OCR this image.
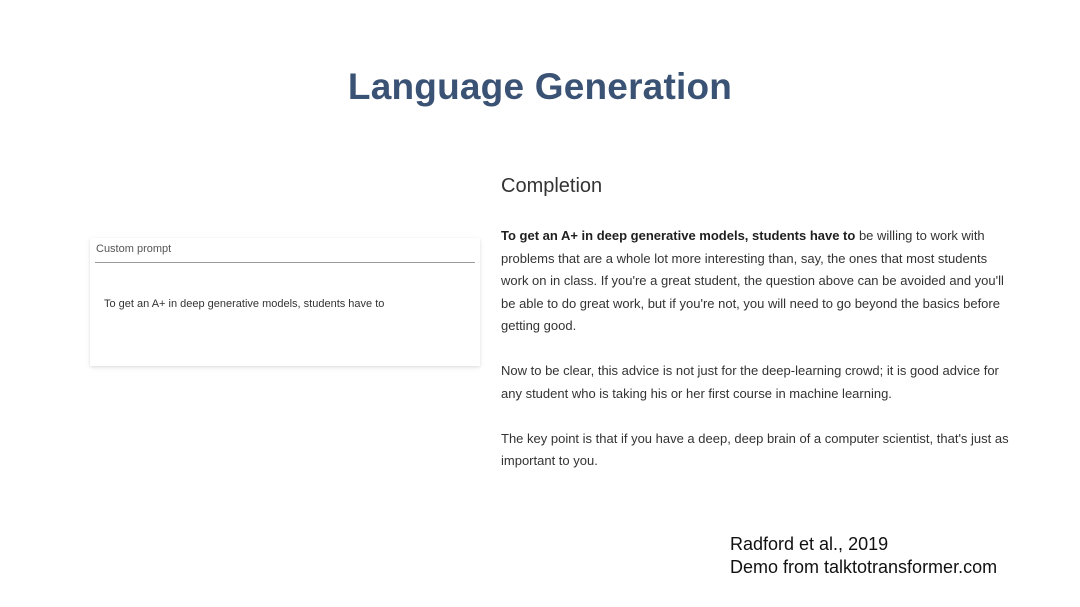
Language Generation
Custom prompt
To get an A+ in deep generative models, students have to
Completion

To get an A+ in deep generative models, students have to be willing to work with problems that are a whole lot more interesting than, say, the ones that most students work on in class. If you're a great student, the question above can be avoided and you'll be able to do great work, but if you're not, you will need to go beyond the basics before getting good.

Now to be clear, this advice is not just for the deep-learning crowd; it is good advice for any student who is taking his or her first course in machine learning.

The key point is that if you have a deep, deep brain of a computer scientist, that's just as important to you.

Radford et al., 2019
Demo from talktotransformer.com
